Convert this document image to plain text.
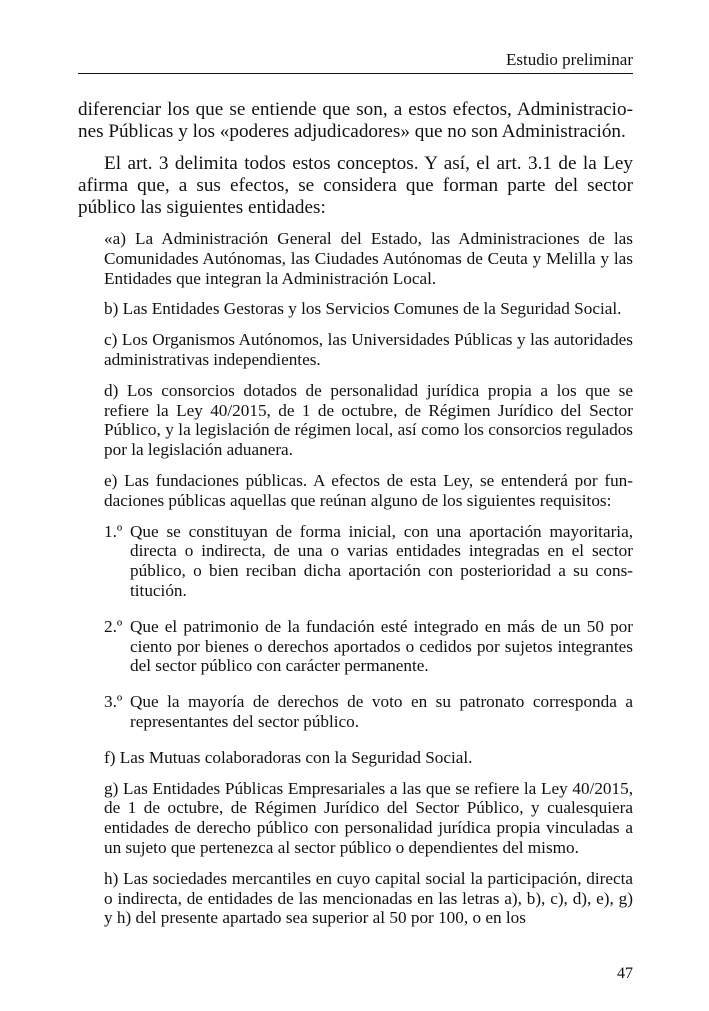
Estudio preliminar

diferenciar los que se entiende que son, a estos efectos, Administraciones Públicas y los «poderes adjudicadores» que no son Administración.

El art. 3 delimita todos estos conceptos. Y así, el art. 3.1 de la Ley afirma que, a sus efectos, se considera que forman parte del sector público las siguientes entidades:

«a) La Administración General del Estado, las Administraciones de las Comunidades Autónomas, las Ciudades Autónomas de Ceuta y Melilla y las Entidades que integran la Administración Local.

b) Las Entidades Gestoras y los Servicios Comunes de la Seguridad Social.

c) Los Organismos Autónomos, las Universidades Públicas y las autoridades administrativas independientes.

d) Los consorcios dotados de personalidad jurídica propia a los que se refiere la Ley 40/2015, de 1 de octubre, de Régimen Jurídico del Sector Público, y la legislación de régimen local, así como los consorcios regulados por la legislación aduanera.

e) Las fundaciones públicas. A efectos de esta Ley, se entenderá por fundaciones públicas aquellas que reúnan alguno de los siguientes requisitos:

1.º Que se constituyan de forma inicial, con una aportación mayoritaria, directa o indirecta, de una o varias entidades integradas en el sector público, o bien reciban dicha aportación con posterioridad a su constitución.
2.º Que el patrimonio de la fundación esté integrado en más de un 50 por ciento por bienes o derechos aportados o cedidos por sujetos integrantes del sector público con carácter permanente.
3.º Que la mayoría de derechos de voto en su patronato corresponda a representantes del sector público.

f) Las Mutuas colaboradoras con la Seguridad Social.

g) Las Entidades Públicas Empresariales a las que se refiere la Ley 40/2015, de 1 de octubre, de Régimen Jurídico del Sector Público, y cualesquiera entidades de derecho público con personalidad jurídica propia vinculadas a un sujeto que pertenezca al sector público o dependientes del mismo.

h) Las sociedades mercantiles en cuyo capital social la participación, directa o indirecta, de entidades de las mencionadas en las letras a), b), c), d), e), g) y h) del presente apartado sea superior al 50 por 100, o en los

47
